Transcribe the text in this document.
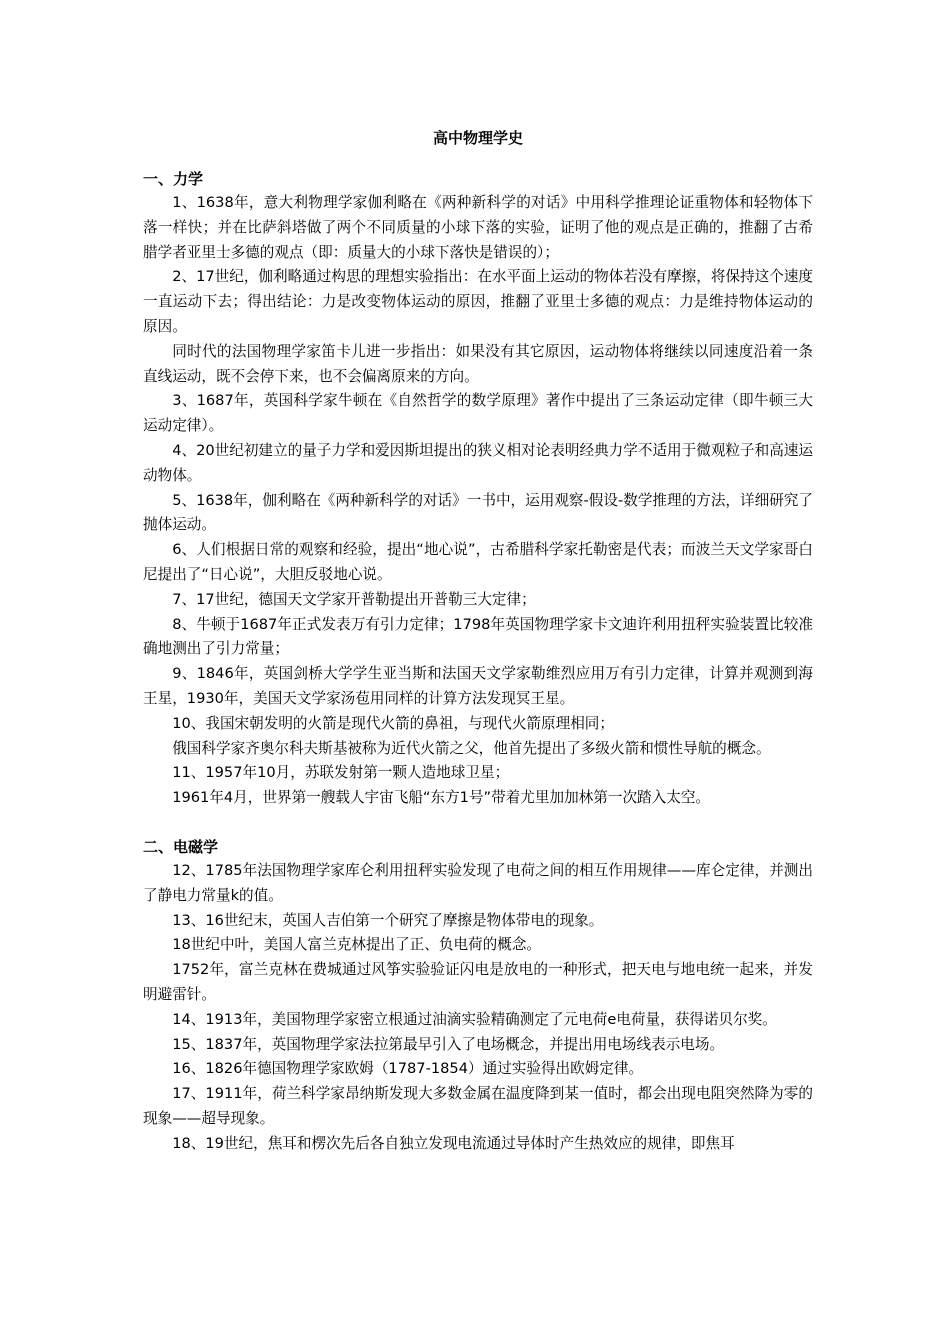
高中物理学史
一、力学

1、1638年，意大利物理学家伽利略在《两种新科学的对话》中用科学推理论证重物体和轻物体下落一样快；并在比萨斜塔做了两个不同质量的小球下落的实验，证明了他的观点是正确的，推翻了古希腊学者亚里士多德的观点（即：质量大的小球下落快是错误的）；

2、17世纪，伽利略通过构思的理想实验指出：在水平面上运动的物体若没有摩擦，将保持这个速度一直运动下去；得出结论：力是改变物体运动的原因，推翻了亚里士多德的观点：力是维持物体运动的原因。

同时代的法国物理学家笛卡儿进一步指出：如果没有其它原因，运动物体将继续以同速度沿着一条直线运动，既不会停下来，也不会偏离原来的方向。

3、1687年，英国科学家牛顿在《自然哲学的数学原理》著作中提出了三条运动定律（即牛顿三大运动定律）。

4、20世纪初建立的量子力学和爱因斯坦提出的狭义相对论表明经典力学不适用于微观粒子和高速运动物体。

5、1638年，伽利略在《两种新科学的对话》一书中，运用观察-假设-数学推理的方法，详细研究了抛体运动。

6、人们根据日常的观察和经验，提出“地心说”，古希腊科学家托勒密是代表；而波兰天文学家哥白尼提出了“日心说”，大胆反驳地心说。

7、17世纪，德国天文学家开普勒提出开普勒三大定律；

8、牛顿于1687年正式发表万有引力定律；1798年英国物理学家卡文迪许利用扭秤实验装置比较准确地测出了引力常量；

9、1846年，英国剑桥大学学生亚当斯和法国天文学家勒维烈应用万有引力定律，计算并观测到海王星，1930年，美国天文学家汤苞用同样的计算方法发现冥王星。

10、我国宋朝发明的火箭是现代火箭的鼻祖，与现代火箭原理相同；

俄国科学家齐奥尔科夫斯基被称为近代火箭之父，他首先提出了多级火箭和惯性导航的概念。

11、1957年10月，苏联发射第一颗人造地球卫星；

1961年4月，世界第一艘载人宇宙飞船“东方1号”带着尤里加加林第一次踏入太空。

二、电磁学

12、1785年法国物理学家库仑利用扭秤实验发现了电荷之间的相互作用规律——库仑定律，并测出了静电力常量k的值。

13、16世纪末，英国人吉伯第一个研究了摩擦是物体带电的现象。

18世纪中叶，美国人富兰克林提出了正、负电荷的概念。

1752年，富兰克林在费城通过风筝实验验证闪电是放电的一种形式，把天电与地电统一起来，并发明避雷针。

14、1913年，美国物理学家密立根通过油滴实验精确测定了元电荷e电荷量，获得诺贝尔奖。

15、1837年，英国物理学家法拉第最早引入了电场概念，并提出用电场线表示电场。

16、1826年德国物理学家欧姆（1787-1854）通过实验得出欧姆定律。

17、1911年，荷兰科学家昂纳斯发现大多数金属在温度降到某一值时，都会出现电阻突然降为零的现象——超导现象。

18、19世纪，焦耳和楞次先后各自独立发现电流通过导体时产生热效应的规律，即焦耳
